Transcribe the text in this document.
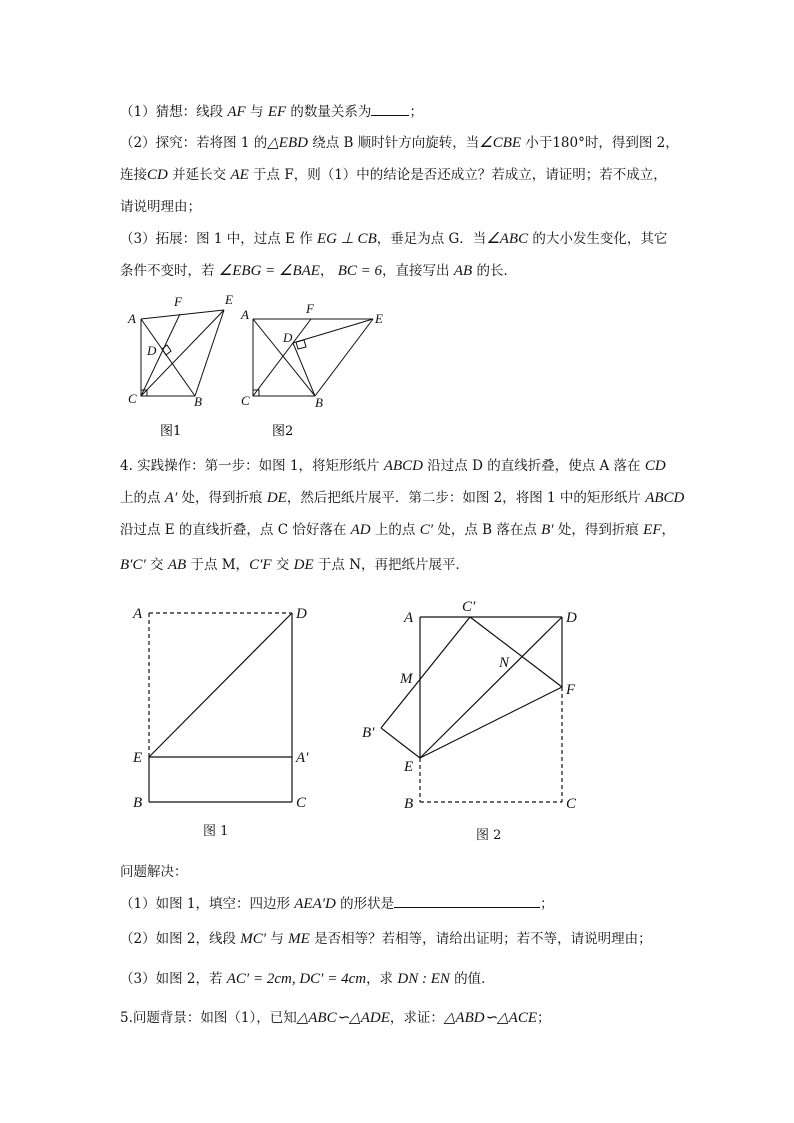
（1）猜想：线段 AF 与 EF 的数量关系为	；
（2）探究：若将图 1 的△EBD 绕点 B 顺时针方向旋转，当∠CBE 小于180°时，得到图 2，
连接CD 并延长交 AE 于点 F，则（1）中的结论是否还成立？若成立，请证明；若不成立，
请说明理由；
（3）拓展：图 1 中，过点 E 作 EG ⊥ CB，垂足为点 G．当∠ABC 的大小发生变化，其它
条件不变时，若 ∠EBG = ∠BAE， BC = 6，直接写出 AB 的长．
A
F	E
D
C	B
图1
A	F
E
D
C	B
图2
4. 实践操作：第一步：如图 1，将矩形纸片 ABCD 沿过点 D 的直线折叠，使点 A 落在 CD
上的点 A′ 处，得到折痕 DE，然后把纸片展平．第二步：如图 2，将图 1 中的矩形纸片 ABCD
沿过点 E 的直线折叠，点 C 恰好落在 AD 上的点 C′ 处，点 B 落在点 B′ 处，得到折痕 EF，
B′C′ 交 AB 于点 M，C′F 交 DE 于点 N，再把纸片展平．
A	D
E	A′
B	C
图 1
A
C′
D
M
N
F
B′
E
B	C
图 2
问题解决：
（1）如图 1，填空：四边形 AEA′D 的形状是	；
（2）如图 2，线段 MC′ 与 ME 是否相等？若相等，请给出证明；若不等，请说明理由；
（3）如图 2，若 AC′ = 2cm, DC′ = 4cm，求 DN : EN 的值．
5.问题背景：如图（1），已知△ABC∽△ADE，求证：△ABD∽△ACE；
